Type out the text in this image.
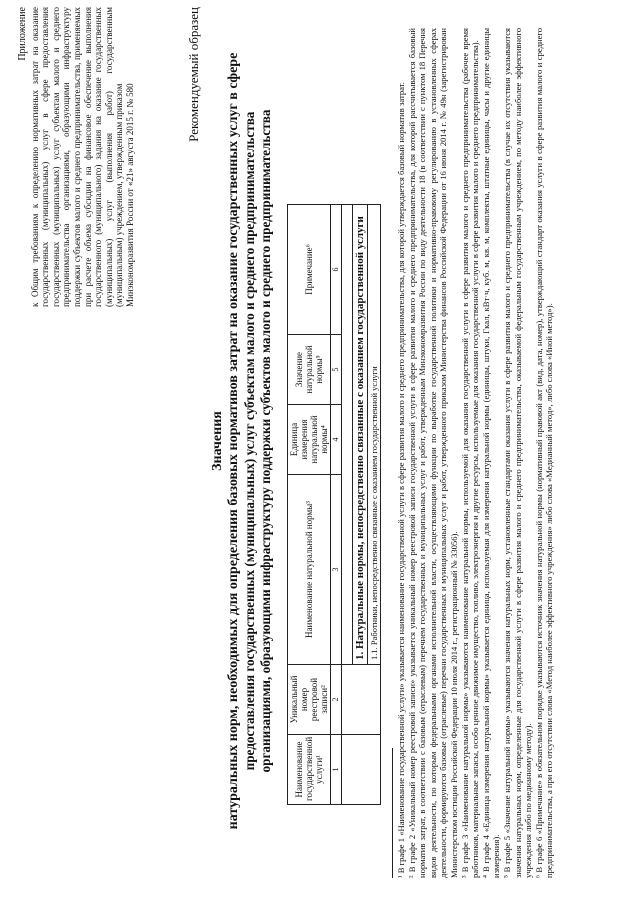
Приложение к Общим требованиям к определению нормативных затрат на оказание государственных (муниципальных) услуг в сфере предоставления государственных (муниципальных) услуг субъектам малого и среднего предпринимательства организациями, образующими инфраструктуру поддержки субъектов малого и среднего предпринимательства, применяемых при расчете объема субсидии на финансовое обеспечение выполнения государственного (муниципального) задания на оказание государственных (муниципальных) услуг (выполнения работ) государственным (муниципальным) учреждением, утвержденным приказом Минэкономразвития России от «21» августа 2015 г. № 580
Рекомендуемый образец
Значения натуральных норм, необходимых для определения базовых нормативов затрат на оказание государственных услуг в сфере предоставления государственных (муниципальных) услуг субъектам малого и среднего предпринимательства организациями, образующими инфраструктуру поддержки субъектов малого и среднего предпринимательства Наименование государственной услуги¹	Уникальный номер реестровой записи²	Наименование натуральной нормы³	Единица измерения натуральной нормы⁴	Значение натуральной нормы⁵	Примечание⁶
1	2	3	4	5	6

		1. Натуральные нормы, непосредственно связанные с оказанием государственной услуги			
		1.1. Работники, непосредственно связанные с оказанием государственной услуги			¹ В графе 1 «Наименование государственной услуги» указывается наименование государственной услуги в сфере развития малого и среднего предпринимательства, для которой утверждается базовый норматив затрат. ² В графе 2 «Уникальный номер реестровой записи» указывается уникальный номер реестровой записи государственной услуги в сфере развития малого и среднего предпринимательства, для которой рассчитывается базовый норматив затрат, в соответствии с базовым (отраслевым) перечнем государственных и муниципальных услуг и работ, утвержденным Минэкономразвития России по виду деятельности 18 (в соответствии с пунктом 18 Перечня видов деятельности, по которым федеральными органами исполнительной власти, осуществляющими функции по выработке государственной политики и нормативно-правовому регулированию в установленных сферах деятельности, формируются базовые (отраслевые) перечни государственных и муниципальных услуг и работ, утвержденного приказом Министерства финансов Российской Федерации от 16 июня 2014 г. № 49н (зарегистрирован Министерством юстиции Российской Федерации 10 июля 2014 г., регистрационный № 33056). ³ В графе 3 «Наименование натуральной нормы» указываются наименование натуральной нормы, используемой для оказания государственной услуги в сфере развития малого и среднего предпринимательства (рабочее время работников, материальные запасы, особо ценное движимое имущество, топливо, электроэнергия и другие ресурсы, используемые для оказания государственной услуги в сфере развития малого и среднего предпринимательства). ⁴ В графе 4 «Единица измерения натуральной нормы» указывается единица, используемая для измерения натуральной нормы (единицы, штуки, Гкал, кВт·ч, куб. м, кв. м, комплекты, штатные единицы, часы и другие единицы измерения). ⁵ В графе 5 «Значение натуральной нормы» указываются значения натуральных норм, установленные стандартами оказания услуги в сфере развития малого и среднего предпринимательства (в случае их отсутствия указываются значения натуральных норм, определенные для государственной услуги в сфере развития малого и среднего предпринимательства, оказываемой федеральным государственным учреждением, по методу наиболее эффективного учреждения либо по медианному методу). ⁶ В графе 6 «Примечание» в обязательном порядке указываются источник значения натуральной нормы (нормативный правовой акт (вид, дата, номер), утверждающий стандарт оказания услуги в сфере развития малого и среднего предпринимательства, а при его отсутствии слова «Метод наиболее эффективного учреждения» либо слова «Медианный метод», либо слова «Иной метод»).
